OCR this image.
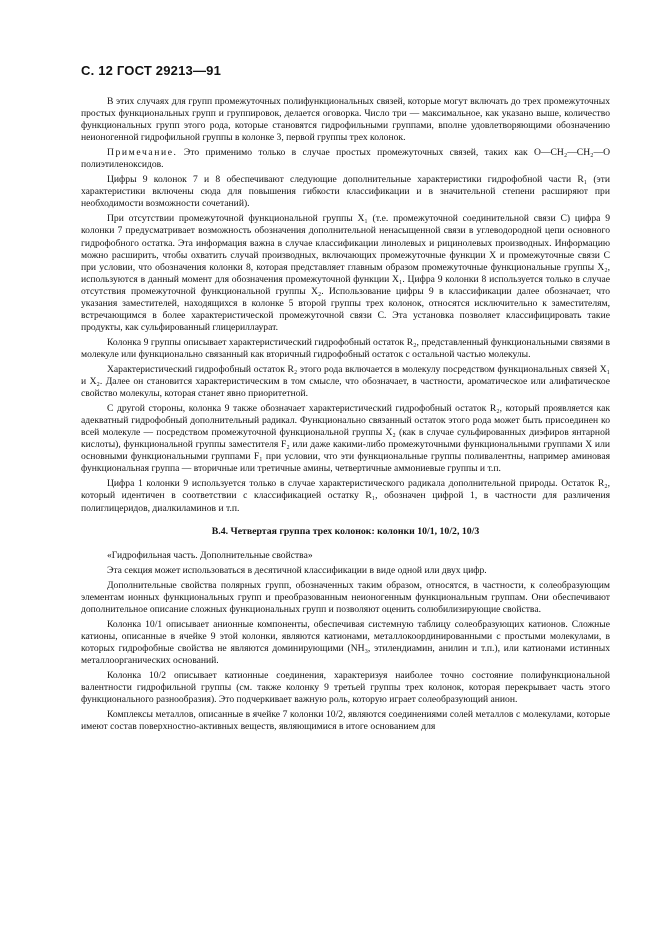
С. 12 ГОСТ 29213—91

В этих случаях для групп промежуточных полифункциональных связей, которые могут включать до трех промежуточных простых функциональных групп и группировок, делается оговорка. Число три — максимальное, как указано выше, количество функциональных групп этого рода, которые становятся гидрофильными группами, вполне удовлетворяющими обозначению неионогенной гидрофильной группы в колонке 3, первой группы трех колонок.

Примечание. Это применимо только в случае простых промежуточных связей, таких как O—CH₂—CH₂—O полиэтиленоксидов.

Цифры 9 колонок 7 и 8 обеспечивают следующие дополнительные характеристики гидрофобной части R₁ (эти характеристики включены сюда для повышения гибкости классификации и в значительной степени расширяют при необходимости возможности сочетаний).

При отсутствии промежуточной функциональной группы X₁ (т.е. промежуточной соединительной связи C) цифра 9 колонки 7 предусматривает возможность обозначения дополнительной ненасыщенной связи в углеводородной цепи основного гидрофобного остатка. Эта информация важна в случае классификации линолевых и рицинолевых производных. Информацию можно расширить, чтобы охватить случай производных, включающих промежуточные функции X и промежуточные связи C при условии, что обозначения колонки 8, которая представляет главным образом промежуточные функциональные группы X₂, используются в данный момент для обозначения промежуточной функции X₁. Цифра 9 колонки 8 используется только в случае отсутствия промежуточной функциональной группы X₂. Использование цифры 9 в классификации далее обозначает, что указания заместителей, находящихся в колонке 5 второй группы трех колонок, относятся исключительно к заместителям, встречающимся в более характеристической промежуточной связи C. Эта установка позволяет классифицировать такие продукты, как сульфированный глицериллаурат.

Колонка 9 группы описывает характеристический гидрофобный остаток R₂, представленный функциональными связями в молекуле или функционально связанный как вторичный гидрофобный остаток с остальной частью молекулы.

Характеристический гидрофобный остаток R₂ этого рода включается в молекулу посредством функциональных связей X₁ и X₂. Далее он становится характеристическим в том смысле, что обозначает, в частности, ароматическое или алифатическое свойство молекулы, которая станет явно приоритетной.

С другой стороны, колонка 9 также обозначает характеристический гидрофобный остаток R₂, который проявляется как адекватный гидрофобный дополнительный радикал. Функционально связанный остаток этого рода может быть присоединен ко всей молекуле — посредством промежуточной функциональной группы X₂ (как в случае сульфированных диэфиров янтарной кислоты), функциональной группы заместителя F₂ или даже какими-либо промежуточными функциональными группами X или основными функциональными группами F₁ при условии, что эти функциональные группы поливалентны, например аминовая функциональная группа — вторичные или третичные амины, четвертичные аммониевые группы и т.п.

Цифра 1 колонки 9 используется только в случае характеристического радикала дополнительной природы. Остаток R₂, который идентичен в соответствии с классификацией остатку R₁, обозначен цифрой 1, в частности для различения полиглицеридов, диалкиламинов и т.п.

В.4. Четвертая группа трех колонок: колонки 10/1, 10/2, 10/3

«Гидрофильная часть. Дополнительные свойства»

Эта секция может использоваться в десятичной классификации в виде одной или двух цифр.

Дополнительные свойства полярных групп, обозначенных таким образом, относятся, в частности, к солеобразующим элементам ионных функциональных групп и преобразованным неионогенным функциональным группам. Они обеспечивают дополнительное описание сложных функциональных групп и позволяют оценить солюбилизирующие свойства.

Колонка 10/1 описывает анионные компоненты, обеспечивая системную таблицу солеобразующих катионов. Сложные катионы, описанные в ячейке 9 этой колонки, являются катионами, металлокоординированными с простыми молекулами, в которых гидрофобные свойства не являются доминирующими (NH₃, этилендиамин, анилин и т.п.), или катионами истинных металлоорганических оснований.

Колонка 10/2 описывает катионные соединения, характеризуя наиболее точно состояние полифункциональной валентности гидрофильной группы (см. также колонку 9 третьей группы трех колонок, которая перекрывает часть этого функционального разнообразия). Это подчеркивает важную роль, которую играет солеобразующий анион.

Комплексы металлов, описанные в ячейке 7 колонки 10/2, являются соединениями солей металлов с молекулами, которые имеют состав поверхностно-активных веществ, являющимися в итоге основанием для
